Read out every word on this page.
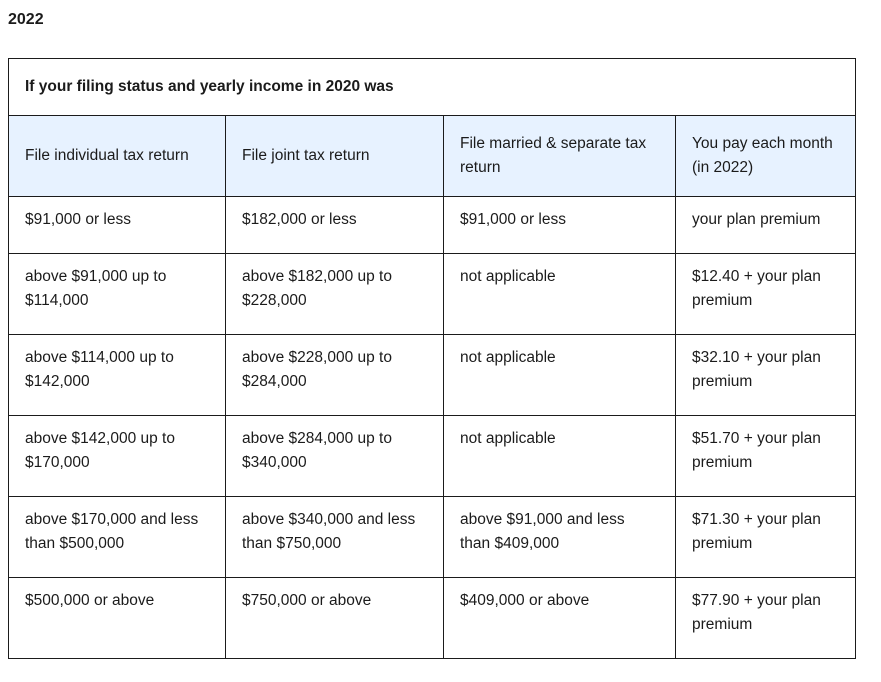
2022
If your filing status and yearly income in 2020 was			

File individual tax return	File joint tax return	File married & separate tax return	You pay each month (in 2022)

$91,000 or less	$182,000 or less	$91,000 or less	your plan premium

above $91,000 up to $114,000	above $182,000 up to $228,000	not applicable	$12.40 + your plan premium

above $114,000 up to $142,000	above $228,000 up to $284,000	not applicable	$32.10 + your plan premium

above $142,000 up to $170,000	above $284,000 up to $340,000	not applicable	$51.70 + your plan premium

above $170,000 and less than $500,000	above $340,000 and less than $750,000	above $91,000 and less than $409,000	$71.30 + your plan premium

$500,000 or above	$750,000 or above	$409,000 or above	$77.90 + your plan premium
